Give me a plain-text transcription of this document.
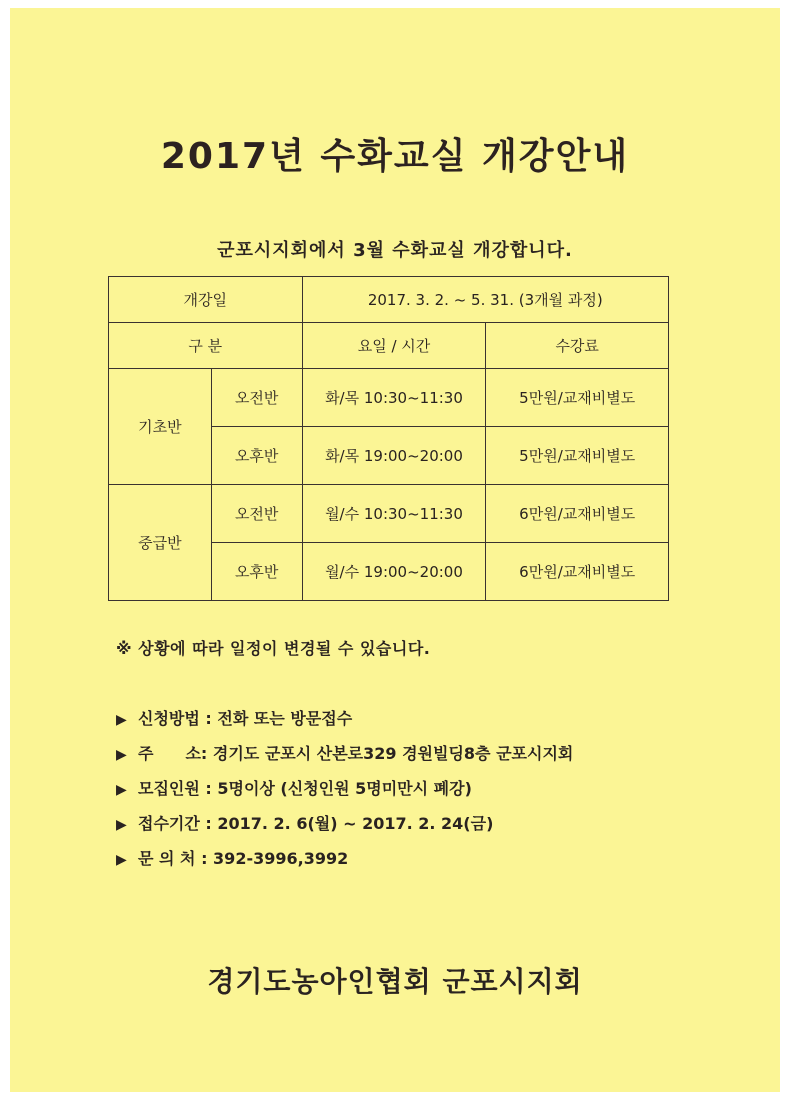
2017년 수화교실 개강안내
군포시지회에서 3월 수화교실 개강합니다.
개강일		2017. 3. 2. ~ 5. 31. (3개월 과정)	
구 분		요일 / 시간	수강료
기초반	오전반	화/목 10:30~11:30	5만원/교재비별도
	오후반	화/목 19:00~20:00	5만원/교재비별도
중급반	오전반	월/수 10:30~11:30	6만원/교재비별도
	오후반	월/수 19:00~20:00	6만원/교재비별도
※ 상황에 따라 일정이 변경될 수 있습니다.
▶ 신청방법 : 전화 또는 방문접수
▶ 주　　소: 경기도 군포시 산본로329 경원빌딩8층 군포시지회
▶ 모집인원 : 5명이상 (신청인원 5명미만시 폐강)
▶ 접수기간 : 2017. 2. 6(월) ~ 2017. 2. 24(금)
▶ 문 의 처 : 392-3996,3992
경기도농아인협회 군포시지회
